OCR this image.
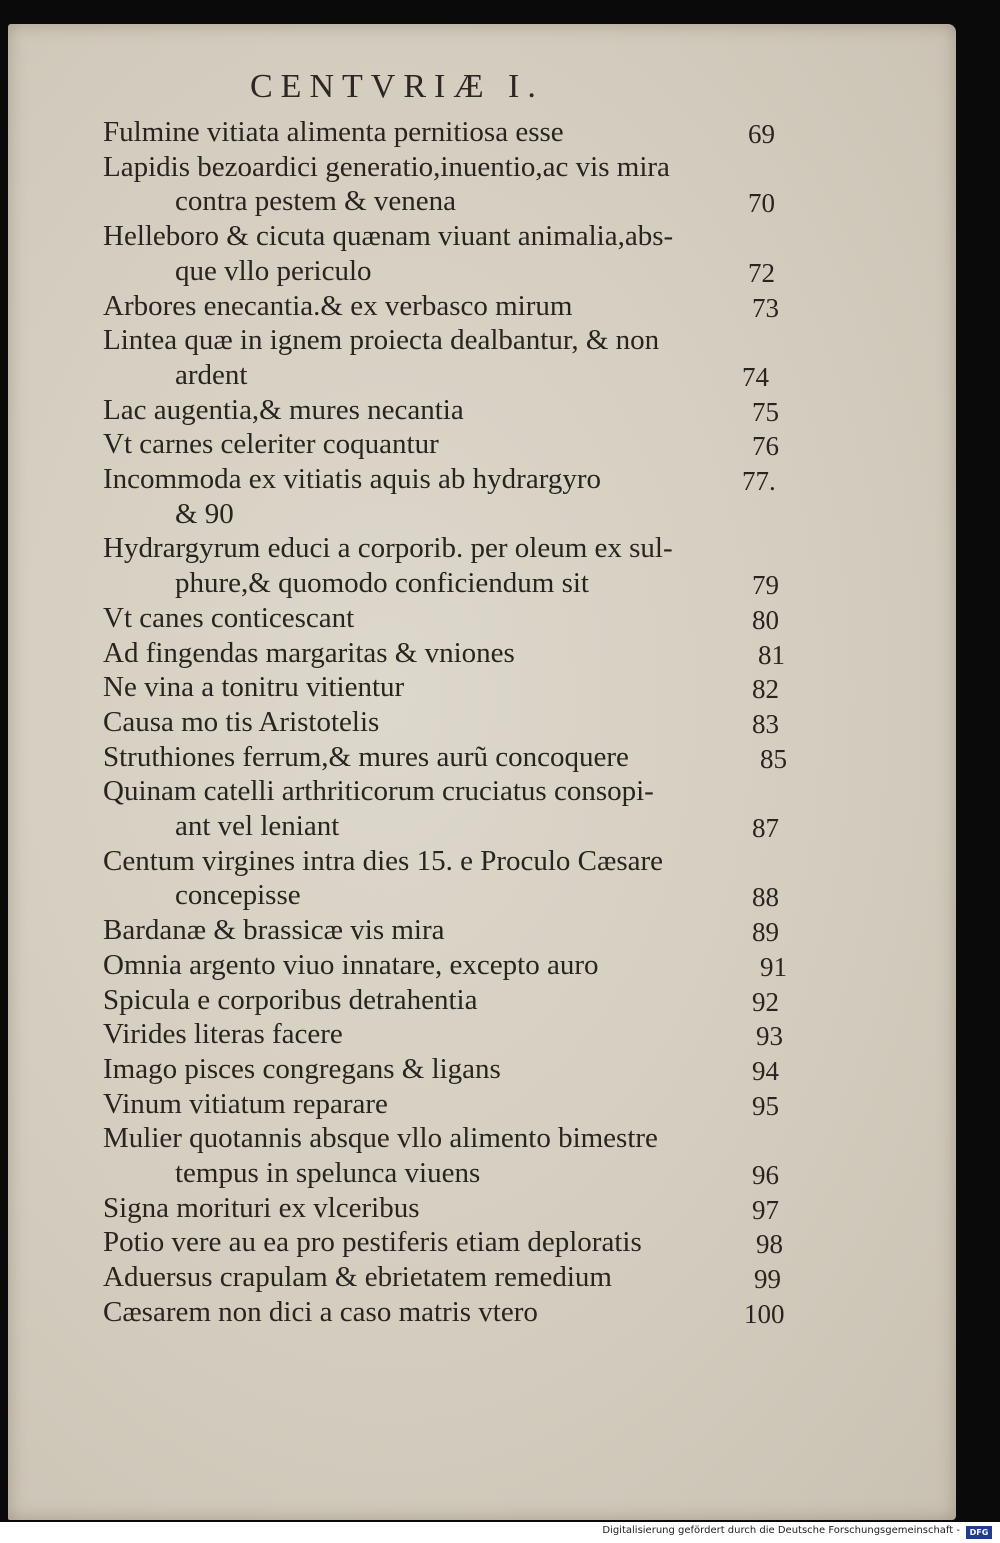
CENTVRIÆ I.
Fulmine vitiata alimenta pernitiosa esse	69
Lapidis bezoardici generatio,inuentio,ac vis mira
contra pestem & venena	70
Helleboro & cicuta quænam viuant animalia,abs-
que vllo periculo	72
Arbores enecantia.& ex verbasco mirum	73
Lintea quæ in ignem proiecta dealbantur, & non
ardent	74
Lac augentia,& mures necantia	75
Vt carnes celeriter coquantur	76
Incommoda ex vitiatis aquis ab hydrargyro	77.
& 90
Hydrargyrum educi a corporib. per oleum ex sul-
phure,& quomodo conficiendum sit	79
Vt canes conticescant	80
Ad fingendas margaritas & vniones	81
Ne vina a tonitru vitientur	82
Causa mo tis Aristotelis	83
Struthiones ferrum,& mures aurũ concoquere	85
Quinam catelli arthriticorum cruciatus consopi-
ant vel leniant	87
Centum virgines intra dies 15. e Proculo Cæsare
concepisse	88
Bardanæ & brassicæ vis mira	89
Omnia argento viuo innatare, excepto auro	91
Spicula e corporibus detrahentia	92
Virides literas facere	93
Imago pisces congregans & ligans	94
Vinum vitiatum reparare	95
Mulier quotannis absque vllo alimento bimestre
tempus in spelunca viuens	96
Signa morituri ex vlceribus	97
Potio vere au ea pro pestiferis etiam deploratis	98
Aduersus crapulam & ebrietatem remedium	99
Cæsarem non dici a caso matris vtero	100
Digitalisierung gefördert durch die Deutsche Forschungsgemeinschaft -	DFG
